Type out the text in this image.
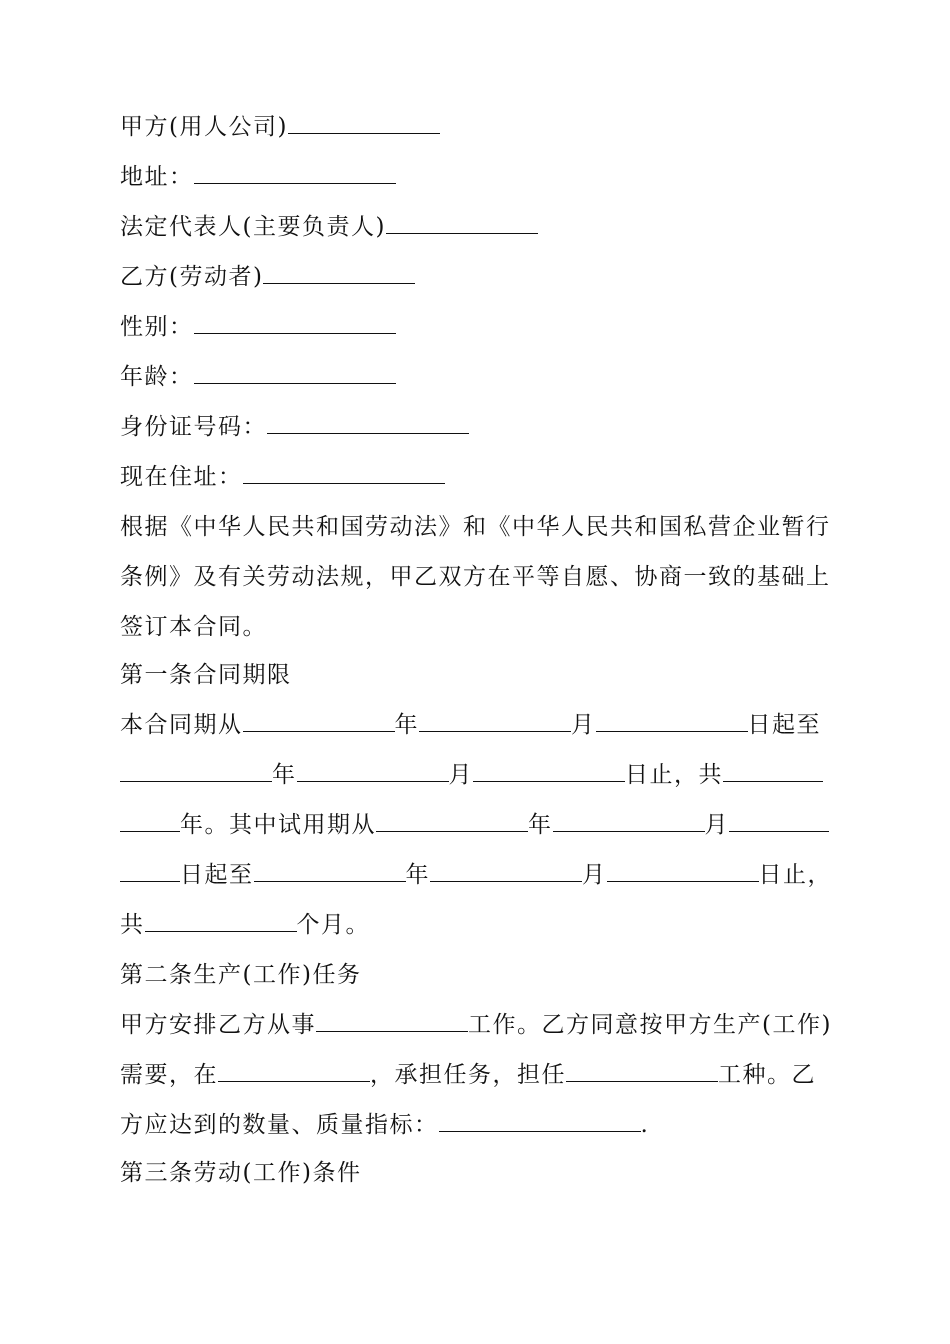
甲方(用人公司)
地址：
法定代表人(主要负责人)
乙方(劳动者)
性别：
年龄：
身份证号码：
现在住址：
根据《中华人民共和国劳动法》和《中华人民共和国私营企业暂行
条例》及有关劳动法规，甲乙双方在平等自愿、协商一致的基础上
签订本合同。
第一条合同期限
本合同期从	年	月	日起至
年	月	日止，共
年。其中试用期从	年	月
日起至	年	月	日止，
共	个月。
第二条生产(工作)任务
甲方安排乙方从事	工作。乙方同意按甲方生产(工作)
需要，在	，承担任务，担任	工种。乙
方应达到的数量、质量指标：	.
第三条劳动(工作)条件
